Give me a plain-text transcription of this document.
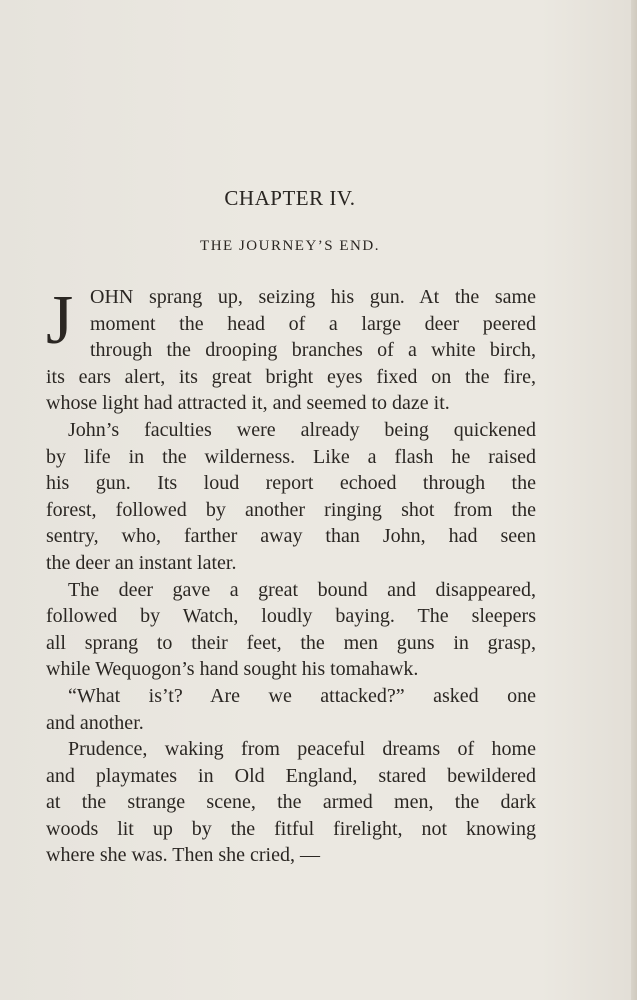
CHAPTER IV.
THE JOURNEY’S END.
J OHN sprang up, seizing his gun. At the same
moment the head of a large deer peered
through the drooping branches of a white birch,
its ears alert, its great bright eyes fixed on the fire,
whose light had attracted it, and seemed to daze it.
John’s faculties were already being quickened
by life in the wilderness. Like a flash he raised
his gun. Its loud report echoed through the
forest, followed by another ringing shot from the
sentry, who, farther away than John, had seen
the deer an instant later.
The deer gave a great bound and disappeared,
followed by Watch, loudly baying. The sleepers
all sprang to their feet, the men guns in grasp,
while Wequogon’s hand sought his tomahawk.
“What is’t? Are we attacked?” asked one
and another.
Prudence, waking from peaceful dreams of home
and playmates in Old England, stared bewildered
at the strange scene, the armed men, the dark
woods lit up by the fitful firelight, not knowing
where she was. Then she cried, —
